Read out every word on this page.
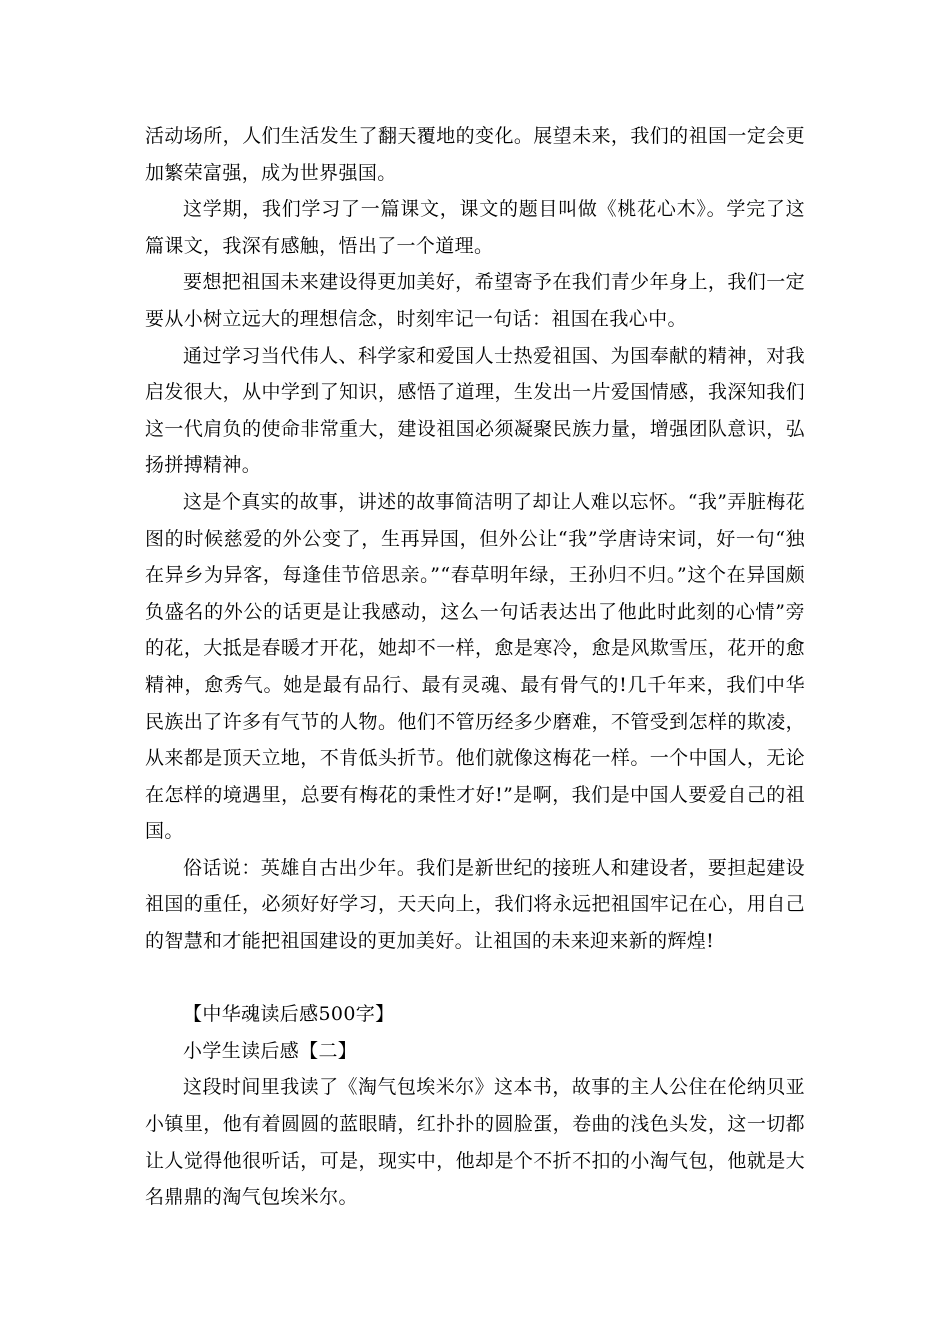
活动场所，人们生活发生了翻天覆地的变化。展望未来，我们的祖国一定会更加繁荣富强，成为世界强国。

这学期，我们学习了一篇课文，课文的题目叫做《桃花心木》。学完了这篇课文，我深有感触，悟出了一个道理。

要想把祖国未来建设得更加美好，希望寄予在我们青少年身上，我们一定要从小树立远大的理想信念，时刻牢记一句话：祖国在我心中。

通过学习当代伟人、科学家和爱国人士热爱祖国、为国奉献的精神，对我启发很大，从中学到了知识，感悟了道理，生发出一片爱国情感，我深知我们这一代肩负的使命非常重大，建设祖国必须凝聚民族力量，增强团队意识，弘扬拼搏精神。

这是个真实的故事，讲述的故事简洁明了却让人难以忘怀。“我”弄脏梅花图的时候慈爱的外公变了，生再异国，但外公让“我”学唐诗宋词，好一句“独在异乡为异客，每逢佳节倍思亲。”“春草明年绿，王孙归不归。”这个在异国颇负盛名的外公的话更是让我感动，这么一句话表达出了他此时此刻的心情”旁的花，大抵是春暖才开花，她却不一样，愈是寒冷，愈是风欺雪压，花开的愈精神，愈秀气。她是最有品行、最有灵魂、最有骨气的!几千年来，我们中华民族出了许多有气节的人物。他们不管历经多少磨难，不管受到怎样的欺凌，从来都是顶天立地，不肯低头折节。他们就像这梅花一样。一个中国人，无论在怎样的境遇里，总要有梅花的秉性才好!”是啊，我们是中国人要爱自己的祖国。

俗话说：英雄自古出少年。我们是新世纪的接班人和建设者，要担起建设祖国的重任，必须好好学习，天天向上，我们将永远把祖国牢记在心，用自己的智慧和才能把祖国建设的更加美好。让祖国的未来迎来新的辉煌!

【中华魂读后感500字】

小学生读后感【二】

这段时间里我读了《淘气包埃米尔》这本书，故事的主人公住在伦纳贝亚小镇里，他有着圆圆的蓝眼睛，红扑扑的圆脸蛋，卷曲的浅色头发，这一切都让人觉得他很听话，可是，现实中，他却是个不折不扣的小淘气包，他就是大名鼎鼎的淘气包埃米尔。
